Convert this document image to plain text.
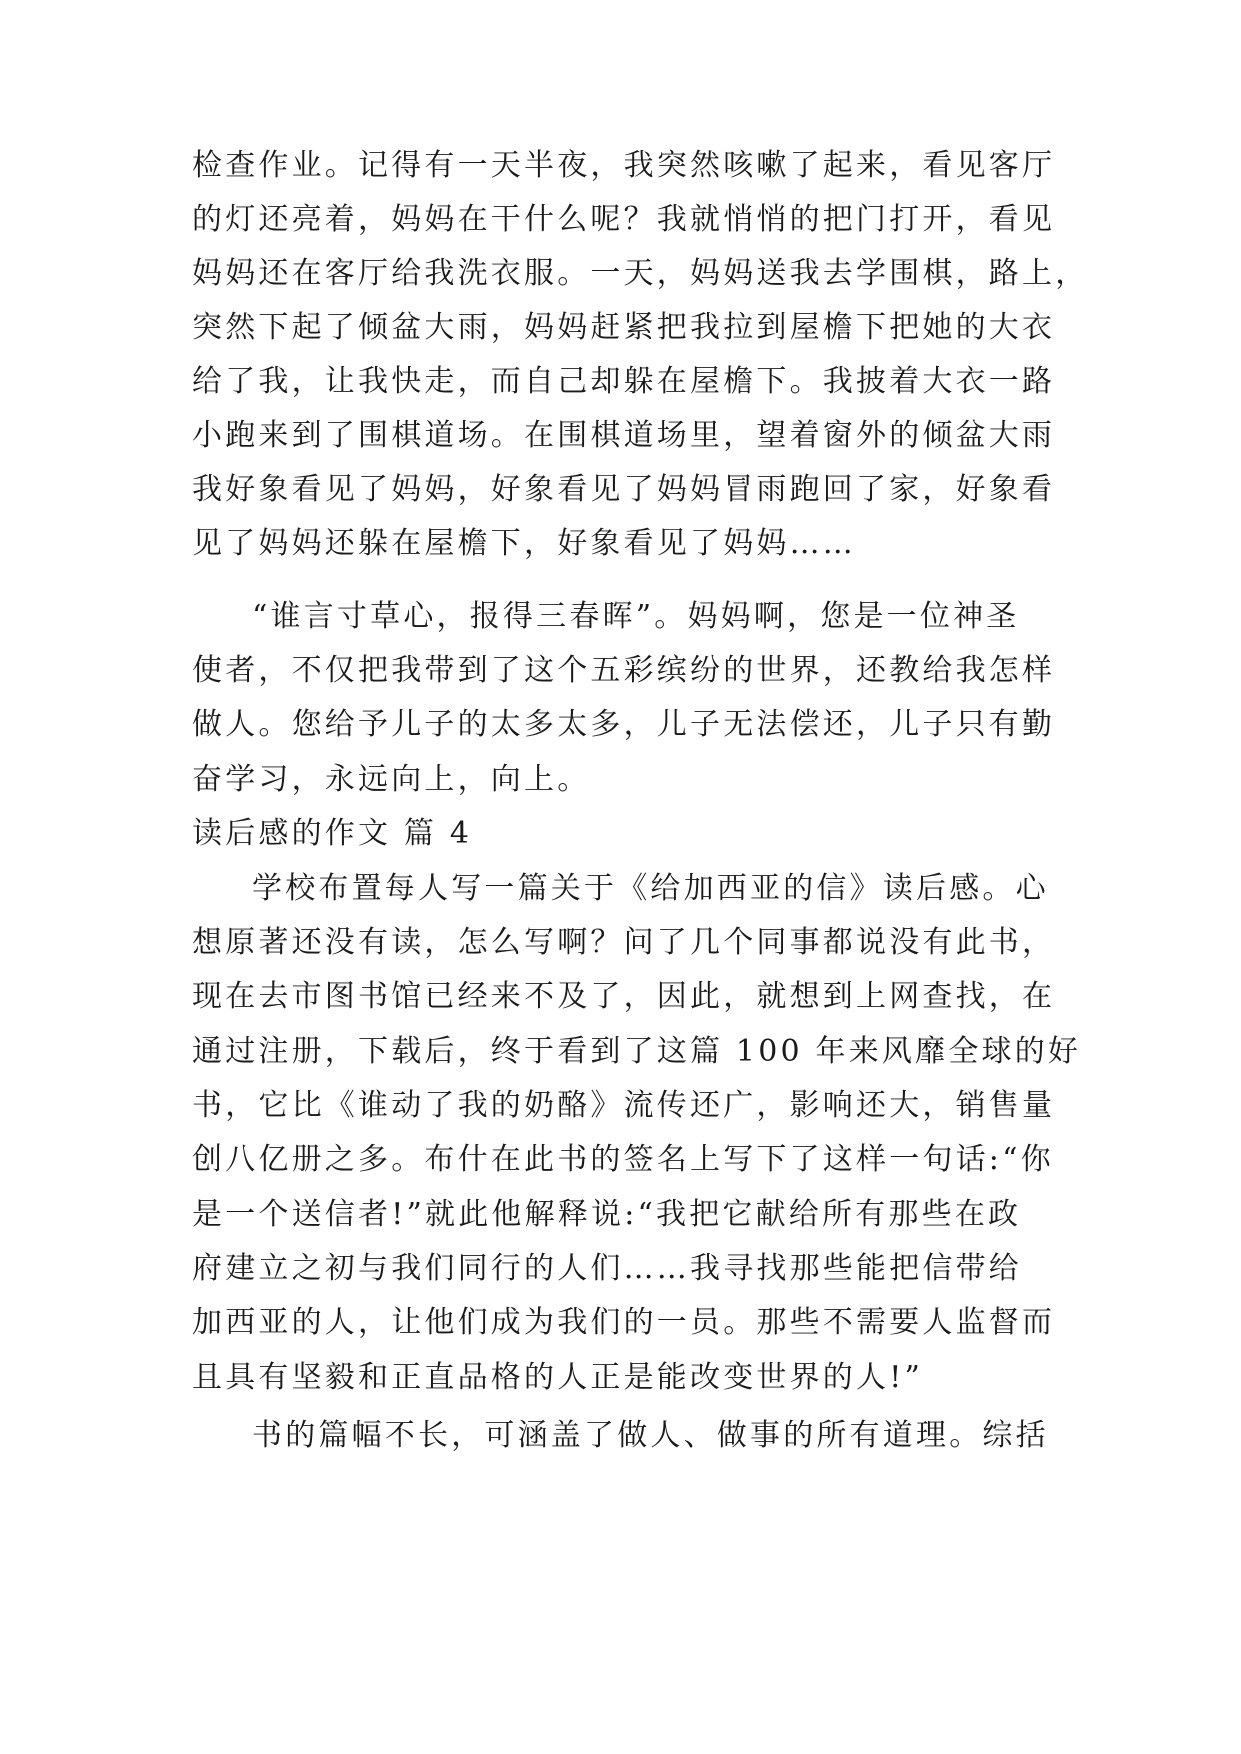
检查作业。记得有一天半夜，我突然咳嗽了起来，看见客厅
的灯还亮着，妈妈在干什么呢？我就悄悄的把门打开，看见
妈妈还在客厅给我洗衣服。一天，妈妈送我去学围棋，路上，
突然下起了倾盆大雨，妈妈赶紧把我拉到屋檐下把她的大衣
给了我，让我快走，而自己却躲在屋檐下。我披着大衣一路
小跑来到了围棋道场。在围棋道场里，望着窗外的倾盆大雨
我好象看见了妈妈，好象看见了妈妈冒雨跑回了家，好象看
见了妈妈还躲在屋檐下，好象看见了妈妈……
“谁言寸草心，报得三春晖”。妈妈啊，您是一位神圣
使者，不仅把我带到了这个五彩缤纷的世界，还教给我怎样
做人。您给予儿子的太多太多，儿子无法偿还，儿子只有勤
奋学习，永远向上，向上。
读后感的作文 篇 4
学校布置每人写一篇关于《给加西亚的信》读后感。心
想原著还没有读，怎么写啊？问了几个同事都说没有此书，
现在去市图书馆已经来不及了，因此，就想到上网查找，在
通过注册，下载后，终于看到了这篇 100 年来风靡全球的好
书，它比《谁动了我的奶酪》流传还广，影响还大，销售量
创八亿册之多。布什在此书的签名上写下了这样一句话:“你
是一个送信者!”就此他解释说:“我把它献给所有那些在政
府建立之初与我们同行的人们……我寻找那些能把信带给
加西亚的人，让他们成为我们的一员。那些不需要人监督而
且具有坚毅和正直品格的人正是能改变世界的人!”
书的篇幅不长，可涵盖了做人、做事的所有道理。综括
